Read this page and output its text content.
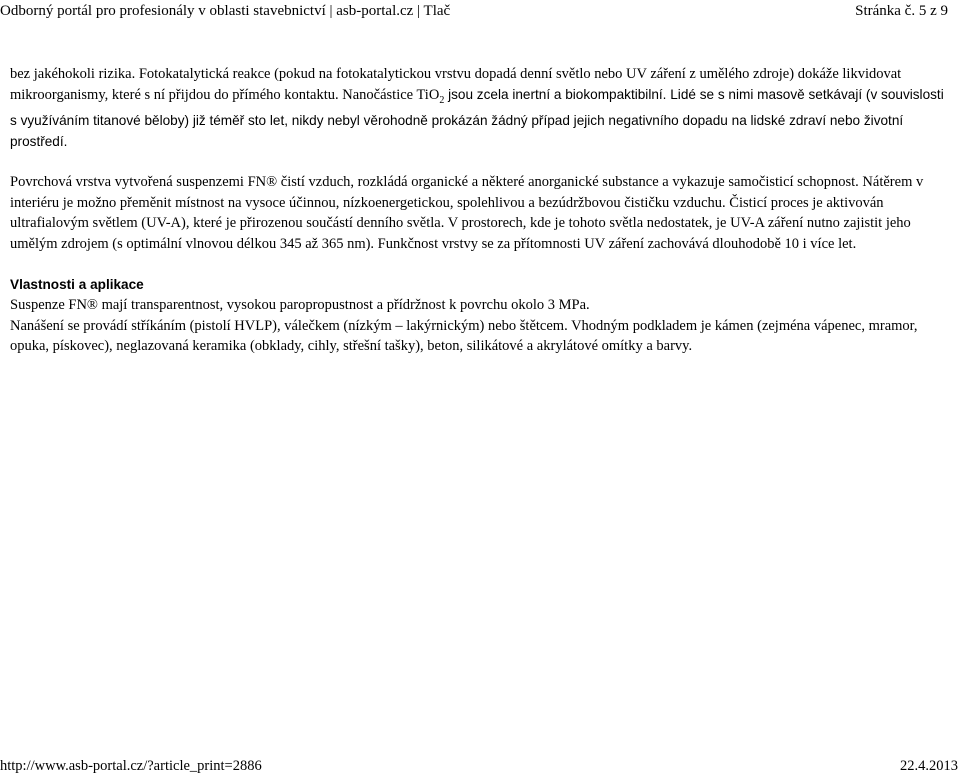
Odborný portál pro profesionály v oblasti stavebnictví | asb-portal.cz | Tlač	Stránka č. 5 z 9

bez jakéhokoli rizika. Fotokatalytická reakce (pokud na fotokatalytickou vrstvu dopadá denní světlo nebo UV záření z umělého zdroje) dokáže likvidovat mikroorganismy, které s ní přijdou do přímého kontaktu. Nanočástice TiO$_2$ jsou zcela inertní a biokompaktibilní. Lidé se s nimi masově setkávají (v souvislosti s využíváním titanové běloby) již téměř sto let, nikdy nebyl věrohodně prokázán žádný případ jejich negativního dopadu na lidské zdraví nebo životní prostředí.

Povrchová vrstva vytvořená suspenzemi FN® čistí vzduch, rozkládá organické a některé anorganické substance a vykazuje samočisticí schopnost. Nátěrem v interiéru je možno přeměnit místnost na vysoce účinnou, nízkoenergetickou, spolehlivou a bezúdržbovou čističku vzduchu. Čisticí proces je aktivován ultrafialovým světlem (UV-A), které je přirozenou součástí denního světla. V prostorech, kde je tohoto světla nedostatek, je UV-A záření nutno zajistit jeho umělým zdrojem (s optimální vlnovou délkou 345 až 365 nm). Funkčnost vrstvy se za přítomnosti UV záření zachovává dlouhodobě 10 i více let.

Vlastnosti a aplikace
Suspenze FN® mají transparentnost, vysokou paropropustnost a přídržnost k povrchu okolo 3 MPa.
Nanášení se provádí stříkáním (pistolí HVLP), válečkem (nízkým – lakýrnickým) nebo štětcem. Vhodným podkladem je kámen (zejména vápenec, mramor, opuka, pískovec), neglazovaná keramika (obklady, cihly, střešní tašky), beton, silikátové a akrylátové omítky a barvy.
http://www.asb-portal.cz/?article_print=2886	22.4.2013
